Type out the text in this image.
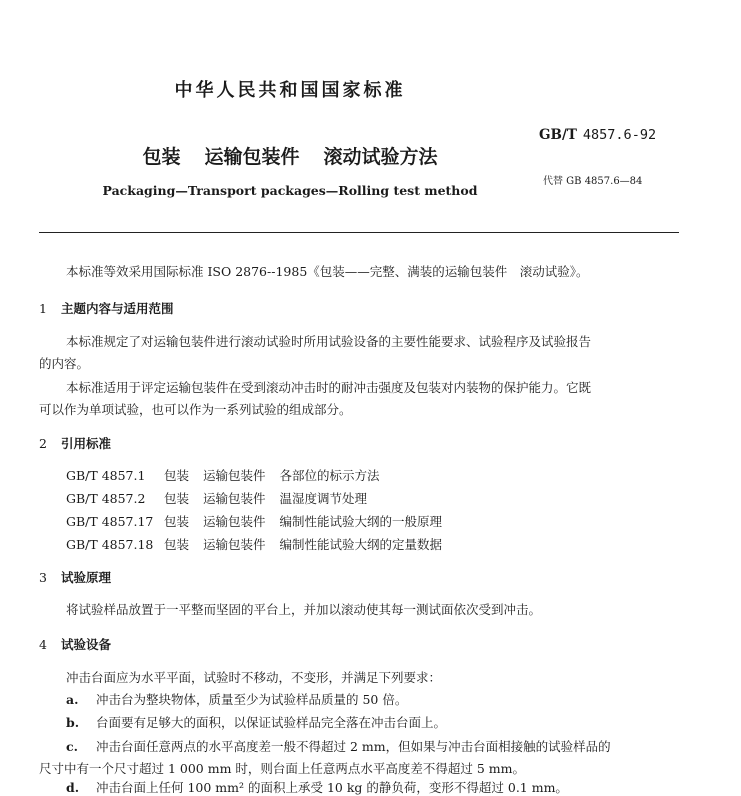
中华人民共和国国家标准
GB/T 4857.6-92
包装 运输包装件 滚动试验方法
代替 GB 4857.6—84
Packaging—Transport packages—Rolling test method
本标准等效采用国际标准 ISO 2876--1985《包装——完整、满装的运输包装件　滚动试验》。
1 主题内容与适用范围
本标准规定了对运输包装件进行滚动试验时所用试验设备的主要性能要求、试验程序及试验报告
的内容。
本标准适用于评定运输包装件在受到滚动冲击时的耐冲击强度及包装对内装物的保护能力。它既
可以作为单项试验，也可以作为一系列试验的组成部分。
2 引用标准
GB/T 4857.1 包装 运输包装件 各部位的标示方法
GB/T 4857.2 包装 运输包装件 温湿度调节处理
GB/T 4857.17 包装 运输包装件 编制性能试验大纲的一般原理
GB/T 4857.18 包装 运输包装件 编制性能试验大纲的定量数据
3 试验原理
将试验样品放置于一平整而坚固的平台上，并加以滚动使其每一测试面依次受到冲击。
4 试验设备
冲击台面应为水平平面，试验时不移动，不变形，并满足下列要求：
a. 冲击台为整块物体，质量至少为试验样品质量的 50 倍。
b. 台面要有足够大的面积，以保证试验样品完全落在冲击台面上。
c. 冲击台面任意两点的水平高度差一般不得超过 2 mm，但如果与冲击台面相接触的试验样品的
尺寸中有一个尺寸超过 1 000 mm 时，则台面上任意两点水平高度差不得超过 5 mm。
d. 冲击台面上任何 100 mm² 的面积上承受 10 kg 的静负荷，变形不得超过 0.1 mm。
